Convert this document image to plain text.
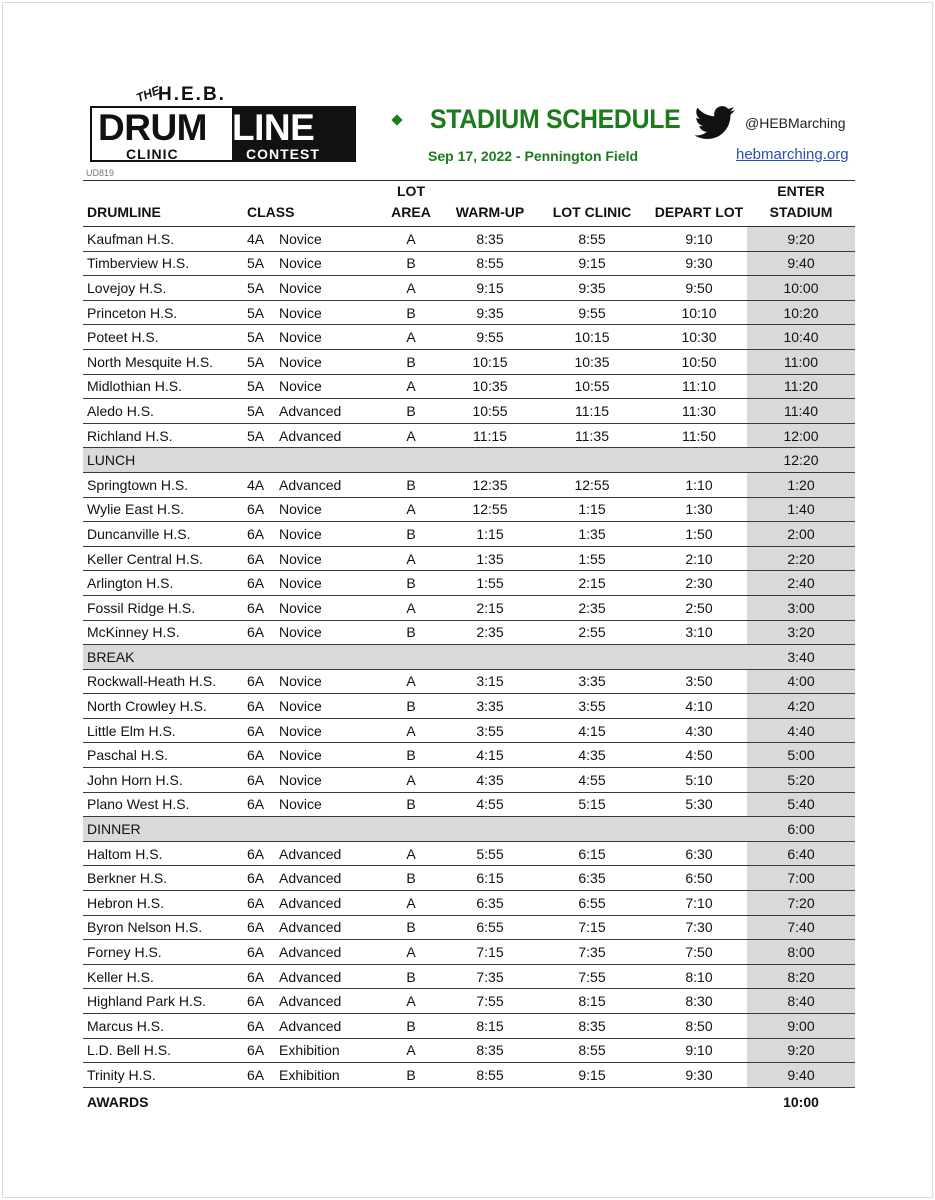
THE
H.E.B.
DRUM
CLINIC
LINE
CONTEST
UD819
STADIUM SCHEDULE
Sep 17, 2022 - Pennington Field
@HEBMarching
hebmarching.org
DRUMLINE	CLASS	LOT
AREA	WARM-UP	LOT CLINIC	DEPART LOT	ENTER
STADIUM
Kaufman H.S.	4A Novice	A	8:35	8:55	9:10	9:20
Timberview H.S.	5A Novice	B	8:55	9:15	9:30	9:40
Lovejoy H.S.	5A Novice	A	9:15	9:35	9:50	10:00
Princeton H.S.	5A Novice	B	9:35	9:55	10:10	10:20
Poteet H.S.	5A Novice	A	9:55	10:15	10:30	10:40
North Mesquite H.S.	5A Novice	B	10:15	10:35	10:50	11:00
Midlothian H.S.	5A Novice	A	10:35	10:55	11:10	11:20
Aledo H.S.	5A Advanced	B	10:55	11:15	11:30	11:40
Richland H.S.	5A Advanced	A	11:15	11:35	11:50	12:00
LUNCH						12:20
Springtown H.S.	4A Advanced	B	12:35	12:55	1:10	1:20
Wylie East H.S.	6A Novice	A	12:55	1:15	1:30	1:40
Duncanville H.S.	6A Novice	B	1:15	1:35	1:50	2:00
Keller Central H.S.	6A Novice	A	1:35	1:55	2:10	2:20
Arlington H.S.	6A Novice	B	1:55	2:15	2:30	2:40
Fossil Ridge H.S.	6A Novice	A	2:15	2:35	2:50	3:00
McKinney H.S.	6A Novice	B	2:35	2:55	3:10	3:20
BREAK						3:40
Rockwall-Heath H.S.	6A Novice	A	3:15	3:35	3:50	4:00
North Crowley H.S.	6A Novice	B	3:35	3:55	4:10	4:20
Little Elm H.S.	6A Novice	A	3:55	4:15	4:30	4:40
Paschal H.S.	6A Novice	B	4:15	4:35	4:50	5:00
John Horn H.S.	6A Novice	A	4:35	4:55	5:10	5:20
Plano West H.S.	6A Novice	B	4:55	5:15	5:30	5:40
DINNER						6:00
Haltom H.S.	6A Advanced	A	5:55	6:15	6:30	6:40
Berkner H.S.	6A Advanced	B	6:15	6:35	6:50	7:00
Hebron H.S.	6A Advanced	A	6:35	6:55	7:10	7:20
Byron Nelson H.S.	6A Advanced	B	6:55	7:15	7:30	7:40
Forney H.S.	6A Advanced	A	7:15	7:35	7:50	8:00
Keller H.S.	6A Advanced	B	7:35	7:55	8:10	8:20
Highland Park H.S.	6A Advanced	A	7:55	8:15	8:30	8:40
Marcus H.S.	6A Advanced	B	8:15	8:35	8:50	9:00
L.D. Bell H.S.	6A Exhibition	A	8:35	8:55	9:10	9:20
Trinity H.S.	6A Exhibition	B	8:55	9:15	9:30	9:40
AWARDS						10:00
